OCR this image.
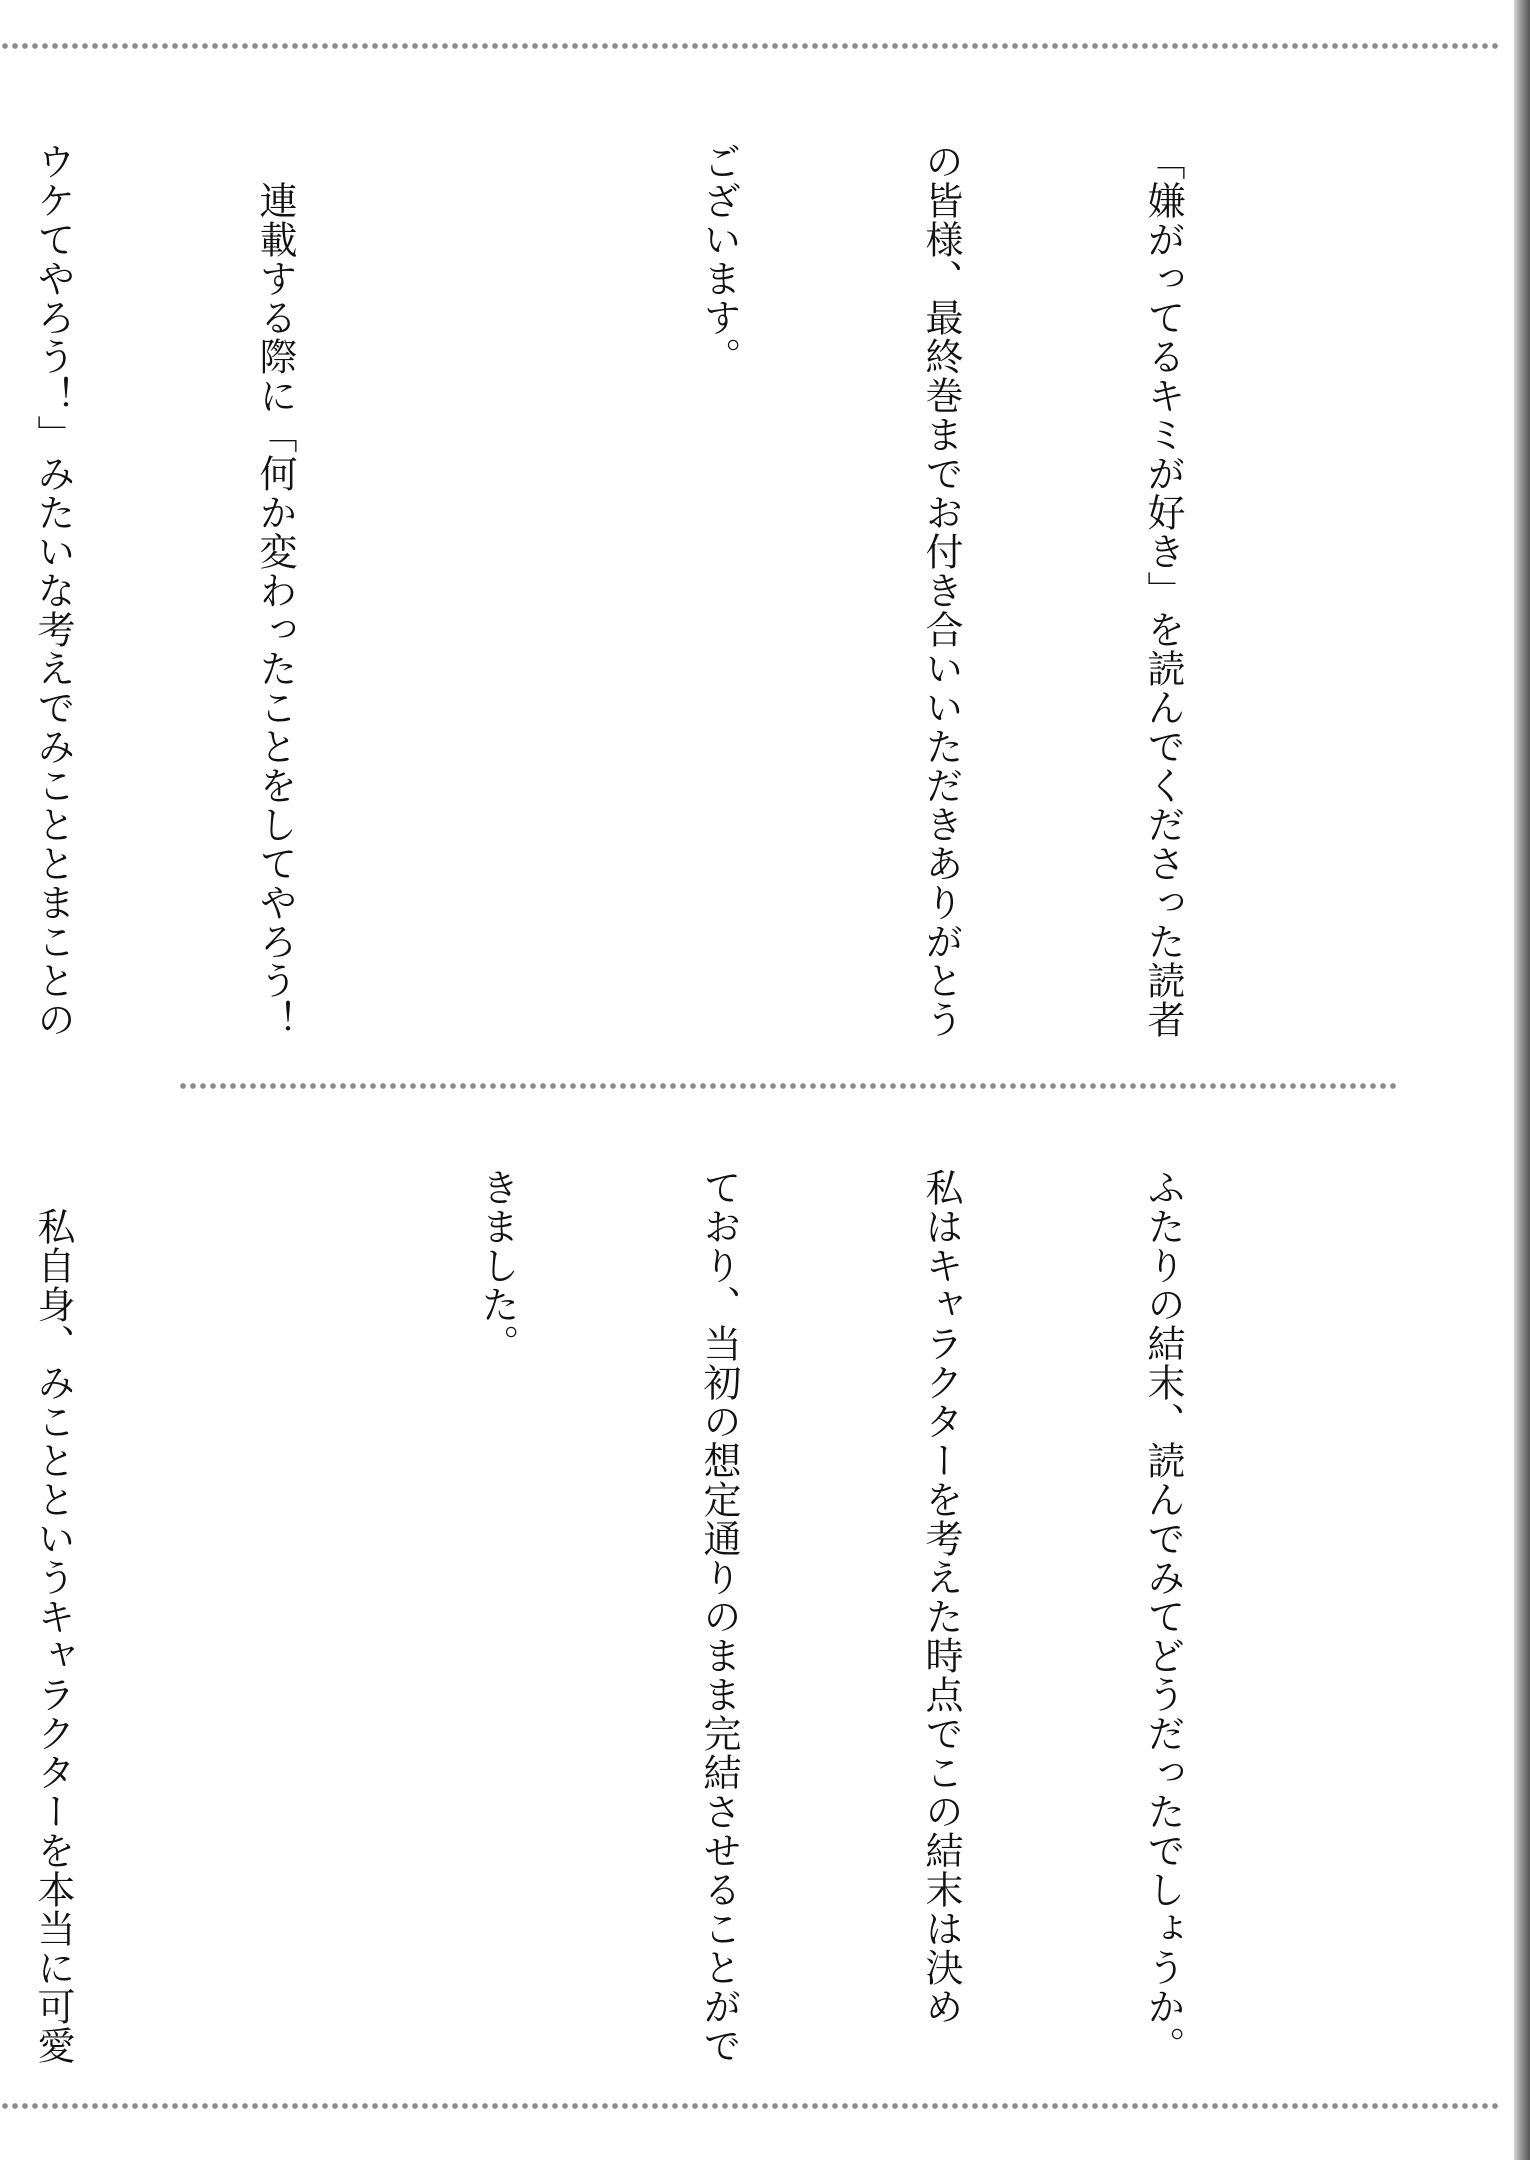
「嫌がってるキミが好き」を読んでくださった読者

の皆様、最終巻までお付き合いいただきありがとう

ございます。

　連載する際に「何か変わったことをしてやろう！

ウケてやろう！」みたいな考えでみこととまことの

ふたりの結末、読んでみてどうだったでしょうか。

私はキャラクターを考えた時点でこの結末は決め

ており、当初の想定通りのまま完結させることがで

きました。

　私自身、みことというキャラクターを本当に可愛
